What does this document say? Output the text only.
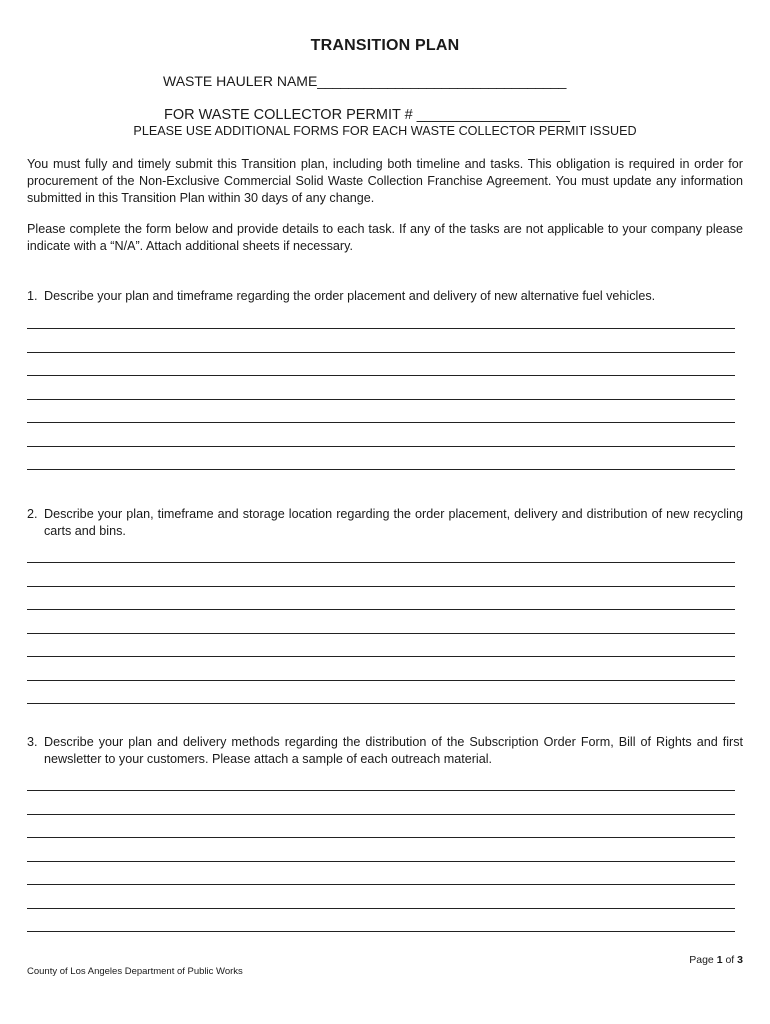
TRANSITION PLAN
WASTE HAULER NAME________________________________
FOR WASTE COLLECTOR PERMIT # ___________________
PLEASE USE ADDITIONAL FORMS FOR EACH WASTE COLLECTOR PERMIT ISSUED
You must fully and timely submit this Transition plan, including both timeline and tasks. This obligation is required in order for procurement of the Non-Exclusive Commercial Solid Waste Collection Franchise Agreement. You must update any information submitted in this Transition Plan within 30 days of any change.
Please complete the form below and provide details to each task. If any of the tasks are not applicable to your company please indicate with a “N/A”. Attach additional sheets if necessary.
1. Describe your plan and timeframe regarding the order placement and delivery of new alternative fuel vehicles.
2. Describe your plan, timeframe and storage location regarding the order placement, delivery and distribution of new recycling carts and bins.
3. Describe your plan and delivery methods regarding the distribution of the Subscription Order Form, Bill of Rights and first newsletter to your customers. Please attach a sample of each outreach material.
Page 1 of 3
County of Los Angeles Department of Public Works
